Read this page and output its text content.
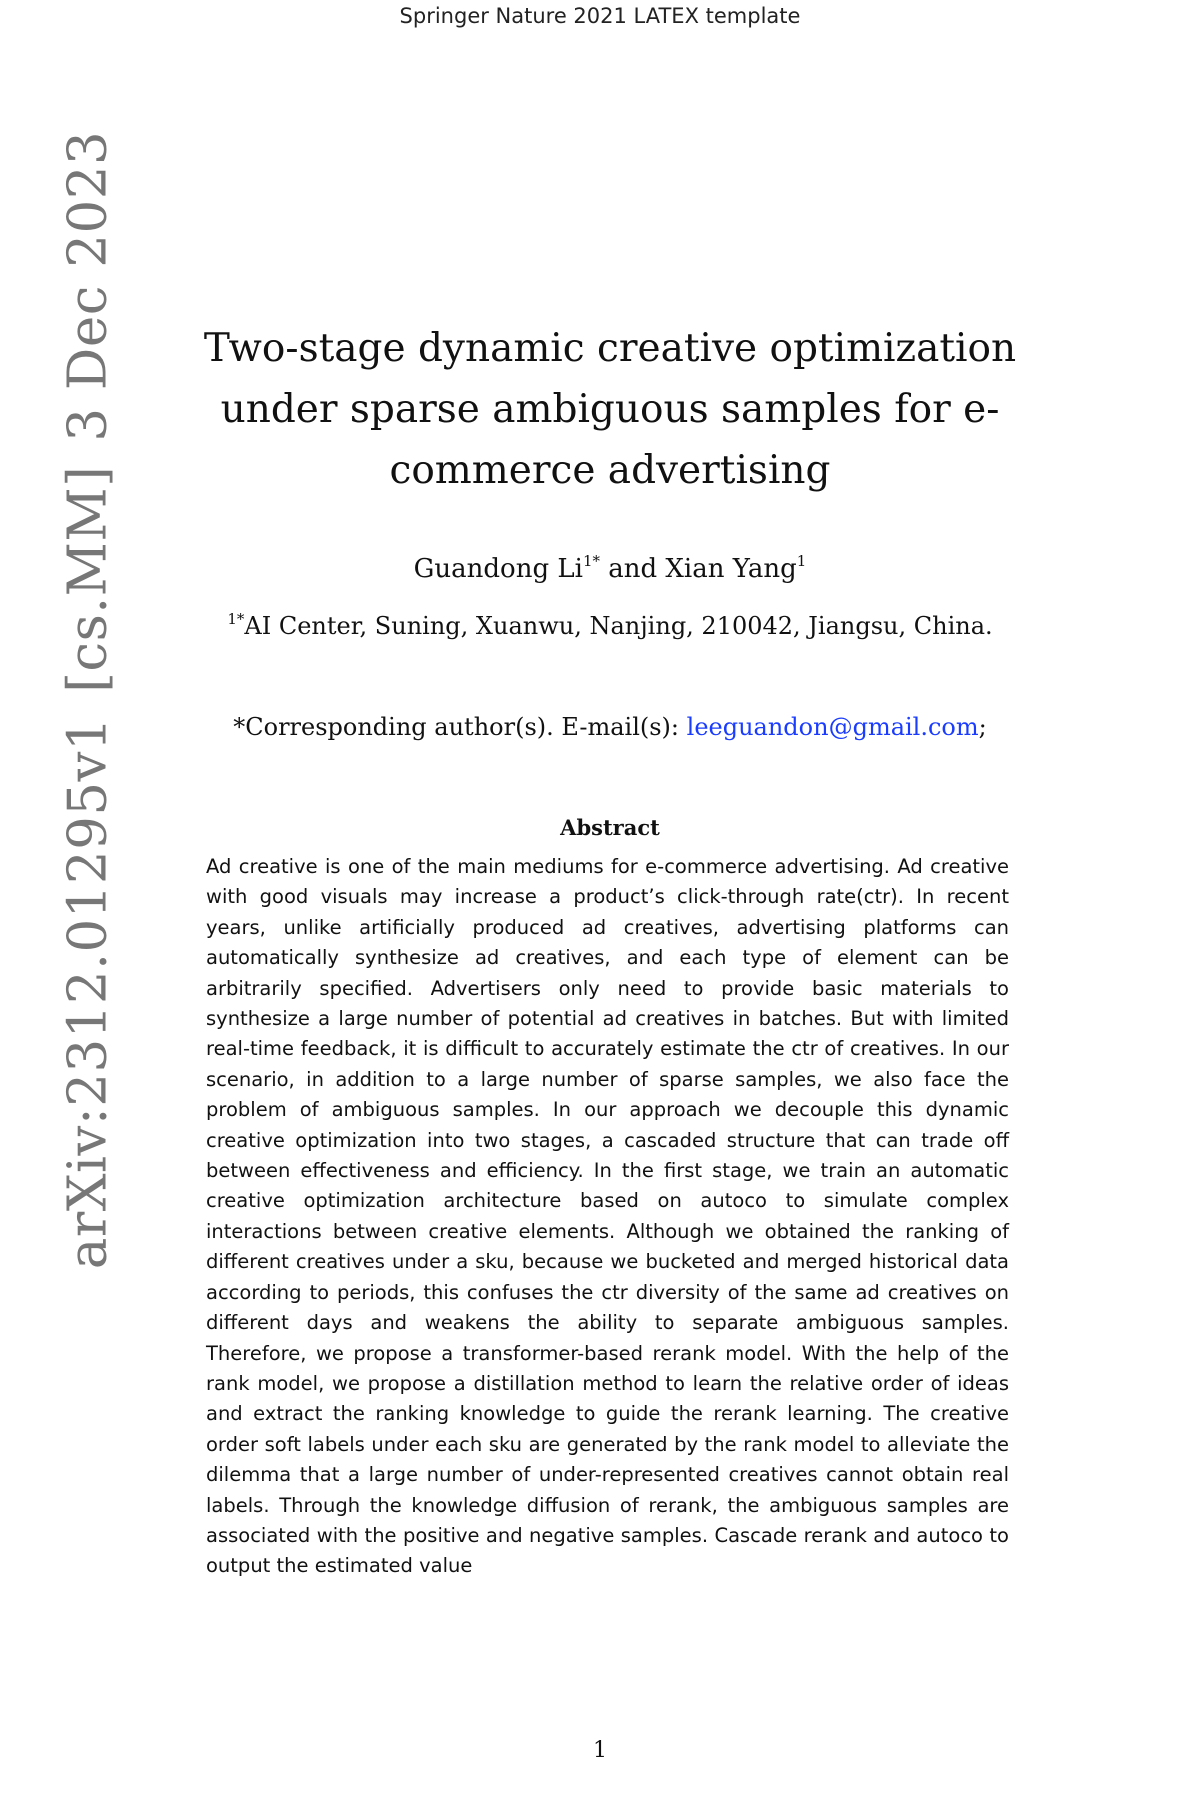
Springer Nature 2021 LATEX template
arXiv:2312.01295v1[cs.MM]3 Dec 2023 Two-stage dynamic creative optimization under sparse ambiguous samples for e-commerce advertising
Guandong $Li^{1*}$ and Xian Yang$^1$
$^{1*}$AI Center, Suning, Xuanwu, Nanjing, 210042, Jiangsu, China.
*Corresponding author(s). E-mail(s): leeguandon@gmail.com;
Abstract
Ad creative is one of the main mediums for e-commerce advertising. Ad creative with good visuals may increase a product’s click-through rate(ctr). In recent years, unlike artificially produced ad creatives, advertising platforms can automatically synthesize ad creatives, and each type of element can be arbitrarily specified. Advertisers only need to provide basic materials to synthesize a large number of potential ad creatives in batches. But with limited real-time feedback, it is difficult to accurately estimate the ctr of creatives. In our scenario, in addition to a large number of sparse samples, we also face the problem of ambiguous samples. In our approach we decouple this dynamic creative optimization into two stages, a cascaded structure that can trade off between effectiveness and efficiency. In the first stage, we train an automatic creative optimization architecture based on autoco to simulate complex interactions between creative elements. Although we obtained the ranking of different creatives under a sku, because we bucketed and merged historical data according to periods, this confuses the ctr diversity of the same ad creatives on different days and weakens the ability to separate ambiguous samples. Therefore, we propose a transformer-based rerank model. With the help of the rank model, we propose a distillation method to learn the relative order of ideas and extract the ranking knowledge to guide the rerank learning. The creative order soft labels under each sku are generated by the rank model to alleviate the dilemma that a large number of under-represented creatives cannot obtain real labels. Through the knowledge diffusion of rerank, the ambiguous samples are associated with the positive and negative samples. Cascade rerank and autoco to output the estimated value
1
